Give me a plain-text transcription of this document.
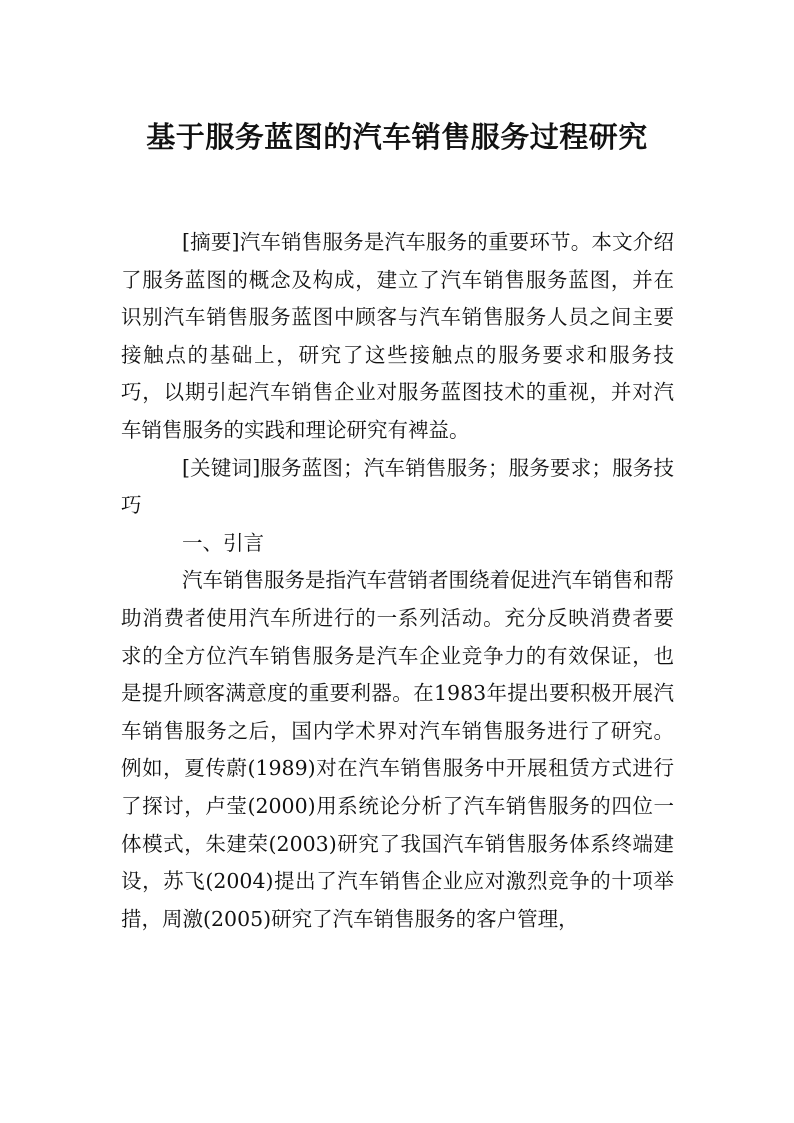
基于服务蓝图的汽车销售服务过程研究

[摘要]汽车销售服务是汽车服务的重要环节。本文介绍了服务蓝图的概念及构成，建立了汽车销售服务蓝图，并在识别汽车销售服务蓝图中顾客与汽车销售服务人员之间主要接触点的基础上，研究了这些接触点的服务要求和服务技巧，以期引起汽车销售企业对服务蓝图技术的重视，并对汽车销售服务的实践和理论研究有裨益。

[关键词]服务蓝图；汽车销售服务；服务要求；服务技巧

一、引言

汽车销售服务是指汽车营销者围绕着促进汽车销售和帮助消费者使用汽车所进行的一系列活动。充分反映消费者要求的全方位汽车销售服务是汽车企业竞争力的有效保证，也是提升顾客满意度的重要利器。在1983年提出要积极开展汽车销售服务之后，国内学术界对汽车销售服务进行了研究。例如，夏传蔚(1989)对在汽车销售服务中开展租赁方式进行了探讨，卢莹(2000)用系统论分析了汽车销售服务的四位一体模式，朱建荣(2003)研究了我国汽车销售服务体系终端建设，苏飞(2004)提出了汽车销售企业应对激烈竞争的十项举措，周激(2005)研究了汽车销售服务的客户管理，
